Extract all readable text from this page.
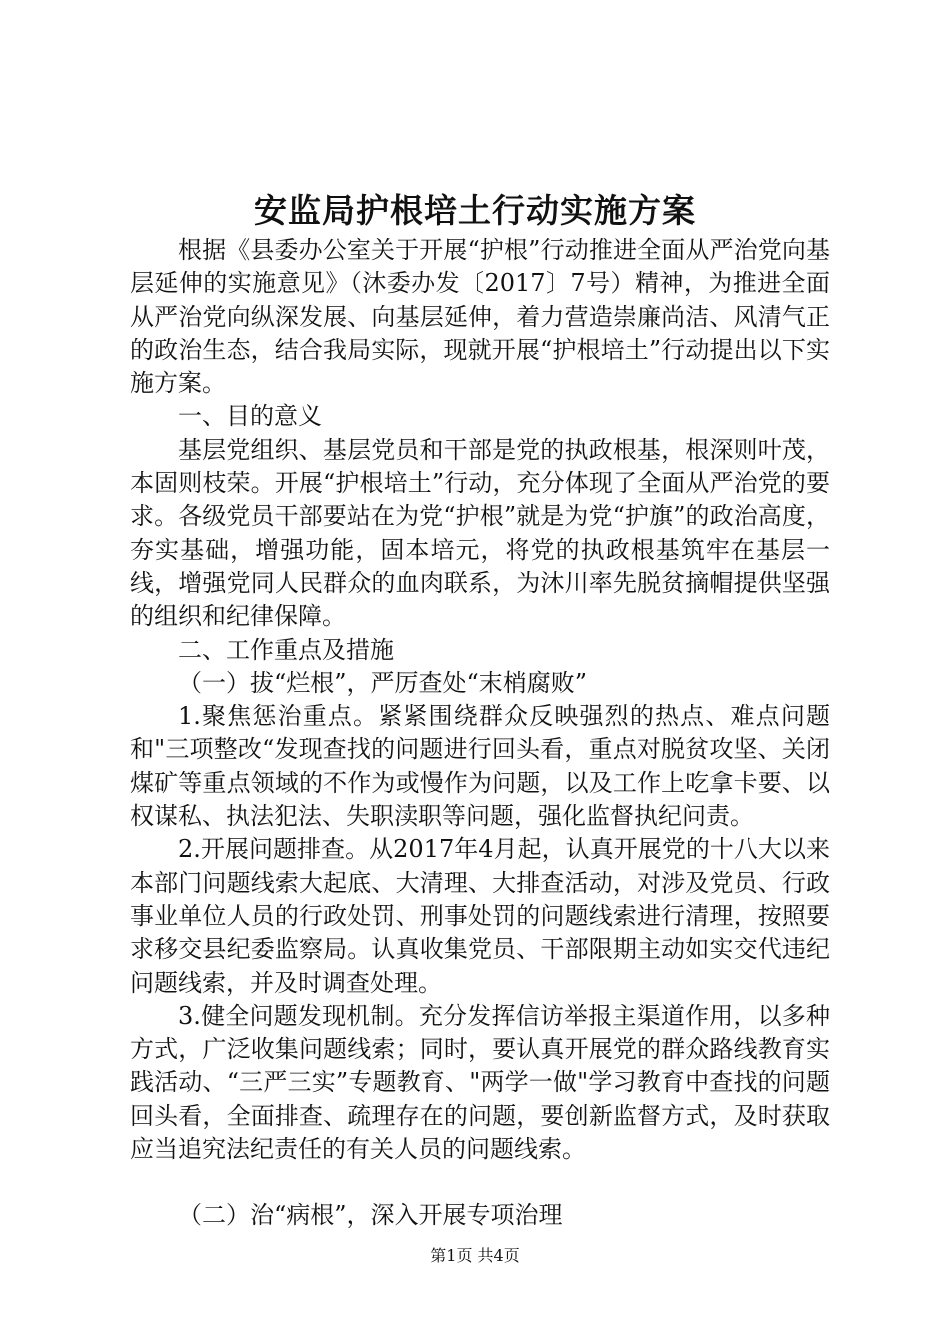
安监局护根培土行动实施方案

根据《县委办公室关于开展“护根”行动推进全面从严治党向基层延伸的实施意见》（沐委办发〔2017〕7号）精神，为推进全面从严治党向纵深发展、向基层延伸，着力营造崇廉尚洁、风清气正的政治生态，结合我局实际，现就开展“护根培土”行动提出以下实施方案。

一、目的意义

基层党组织、基层党员和干部是党的执政根基，根深则叶茂，本固则枝荣。开展“护根培土”行动，充分体现了全面从严治党的要求。各级党员干部要站在为党“护根”就是为党“护旗”的政治高度，夯实基础，增强功能，固本培元，将党的执政根基筑牢在基层一线，增强党同人民群众的血肉联系，为沐川率先脱贫摘帽提供坚强的组织和纪律保障。

二、工作重点及措施

（一）拔“烂根”，严厉查处“末梢腐败”

1.聚焦惩治重点。紧紧围绕群众反映强烈的热点、难点问题和"三项整改“发现查找的问题进行回头看，重点对脱贫攻坚、关闭煤矿等重点领域的不作为或慢作为问题，以及工作上吃拿卡要、以权谋私、执法犯法、失职渎职等问题，强化监督执纪问责。

2.开展问题排查。从2017年4月起，认真开展党的十八大以来本部门问题线索大起底、大清理、大排查活动，对涉及党员、行政事业单位人员的行政处罚、刑事处罚的问题线索进行清理，按照要求移交县纪委监察局。认真收集党员、干部限期主动如实交代违纪问题线索，并及时调查处理。

3.健全问题发现机制。充分发挥信访举报主渠道作用，以多种方式，广泛收集问题线索；同时，要认真开展党的群众路线教育实践活动、“三严三实”专题教育、"两学一做"学习教育中查找的问题回头看，全面排查、疏理存在的问题，要创新监督方式，及时获取应当追究法纪责任的有关人员的问题线索。

（二）治“病根”，深入开展专项治理

第1页 共4页
